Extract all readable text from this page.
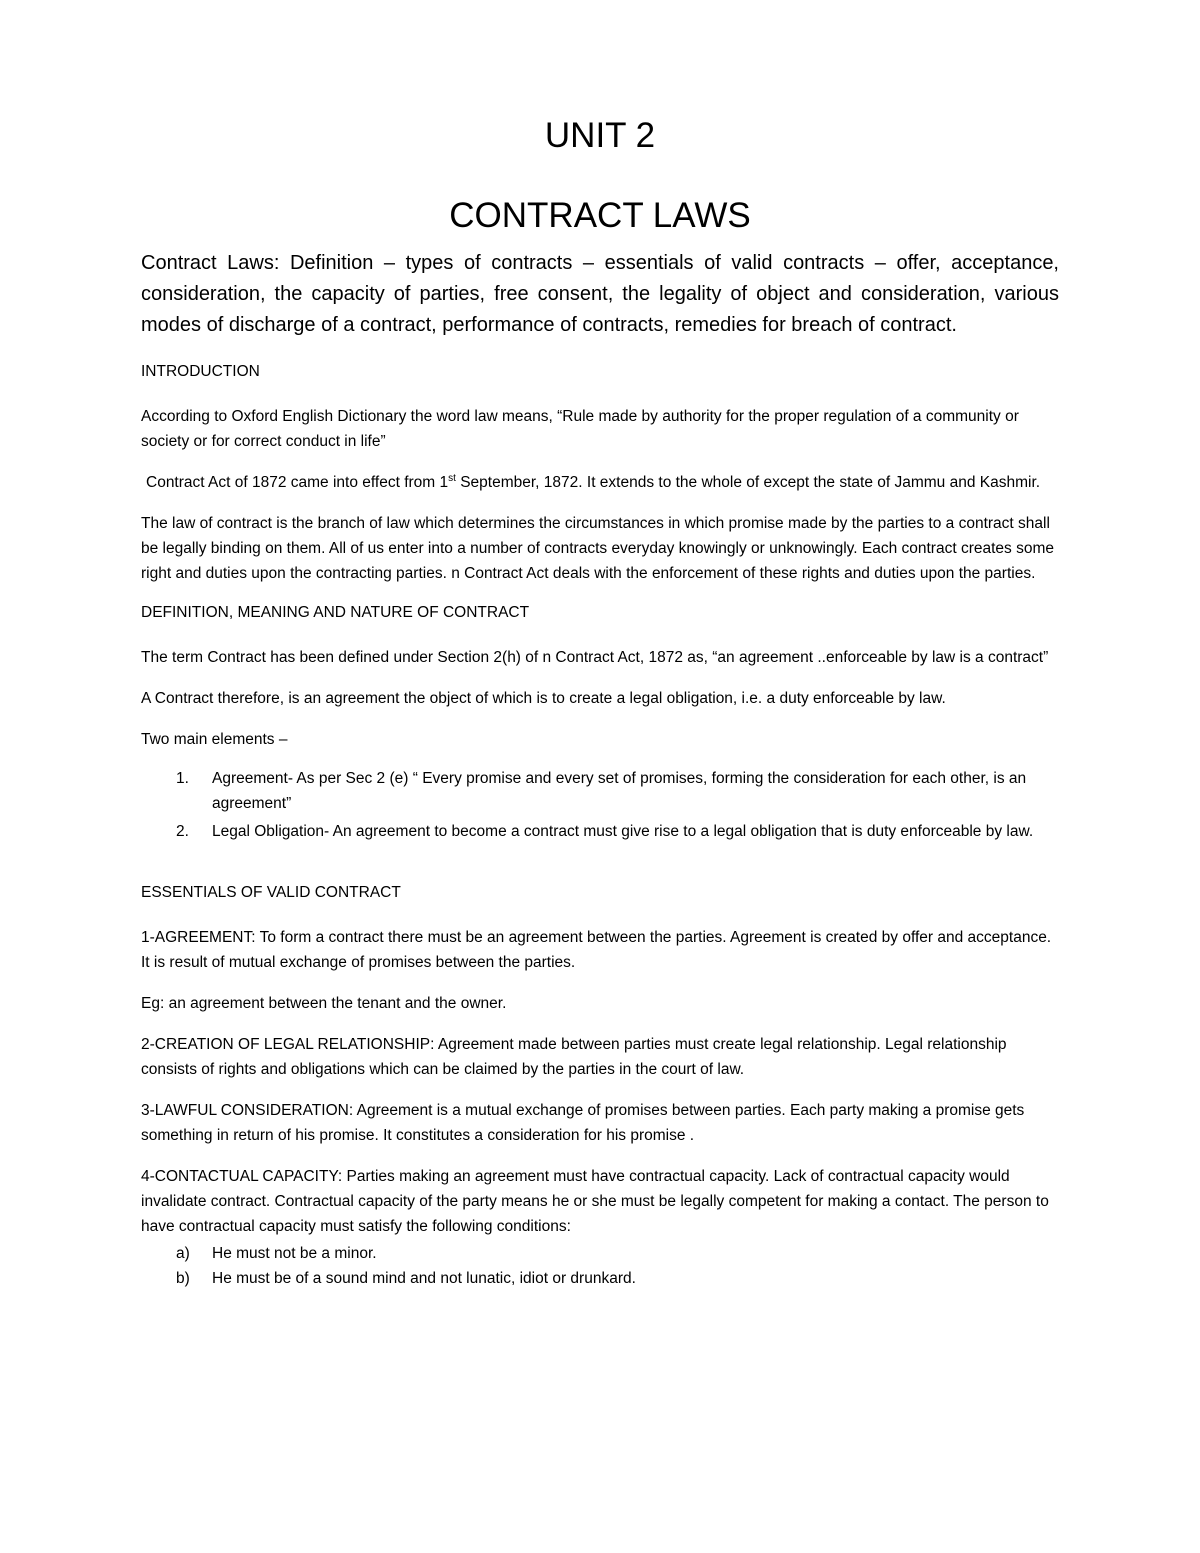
UNIT 2
CONTRACT LAWS

Contract Laws: Definition – types of contracts – essentials of valid contracts – offer, acceptance, consideration, the capacity of parties, free consent, the legality of object and consideration, various modes of discharge of a contract, performance of contracts, remedies for breach of contract.

INTRODUCTION

According to Oxford English Dictionary the word law means, “Rule made by authority for the proper regulation of a community or society or for correct conduct in life”

Contract Act of 1872 came into effect from 1st September, 1872. It extends to the whole of except the state of Jammu and Kashmir.

The law of contract is the branch of law which determines the circumstances in which promise made by the parties to a contract shall be legally binding on them. All of us enter into a number of contracts everyday knowingly or unknowingly. Each contract creates some right and duties upon the contracting parties. n Contract Act deals with the enforcement of these rights and duties upon the parties.

DEFINITION, MEANING AND NATURE OF CONTRACT

The term Contract has been defined under Section 2(h) of n Contract Act, 1872 as, “an agreement ..enforceable by law is a contract”

A Contract therefore, is an agreement the object of which is to create a legal obligation, i.e. a duty enforceable by law.

Two main elements –

1. Agreement- As per Sec 2 (e) “ Every promise and every set of promises, forming the consideration for each other, is an agreement”
2. Legal Obligation- An agreement to become a contract must give rise to a legal obligation that is duty enforceable by law.

ESSENTIALS OF VALID CONTRACT

1-AGREEMENT: To form a contract there must be an agreement between the parties. Agreement is created by offer and acceptance. It is result of mutual exchange of promises between the parties.

Eg: an agreement between the tenant and the owner.

2-CREATION OF LEGAL RELATIONSHIP: Agreement made between parties must create legal relationship. Legal relationship consists of rights and obligations which can be claimed by the parties in the court of law.

3-LAWFUL CONSIDERATION: Agreement is a mutual exchange of promises between parties. Each party making a promise gets something in return of his promise. It constitutes a consideration for his promise .

4-CONTACTUAL CAPACITY: Parties making an agreement must have contractual capacity. Lack of contractual capacity would invalidate contract. Contractual capacity of the party means he or she must be legally competent for making a contact. The person to have contractual capacity must satisfy the following conditions:

a) He must not be a minor.
b) He must be of a sound mind and not lunatic, idiot or drunkard.
